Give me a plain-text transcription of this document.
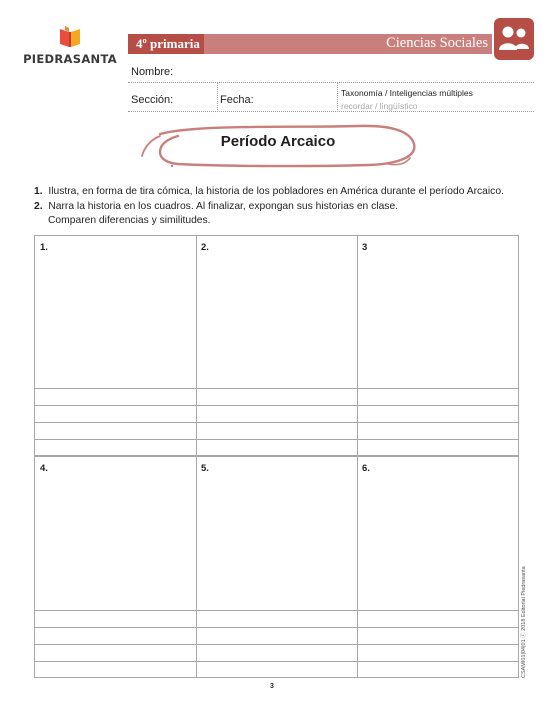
PIEDRASANTA
4º primaria	Ciencias Sociales
Nombre:
Sección:	Fecha:
Taxonomía / Inteligencias múltiples
recordar / lingüístico
Período Arcaico
1. Ilustra, en forma de tira cómica, la historia de los pobladores en América durante el período Arcaico.
2. Narra la historia en los cuadros. Al finalizar, expongan sus historias en clase.
Comparen diferencias y similitudes.
1.	2.	3
4.	5.	6.
CSAMI01|04|01 ⓒ 2018 Editorial Piedrasanta
3
